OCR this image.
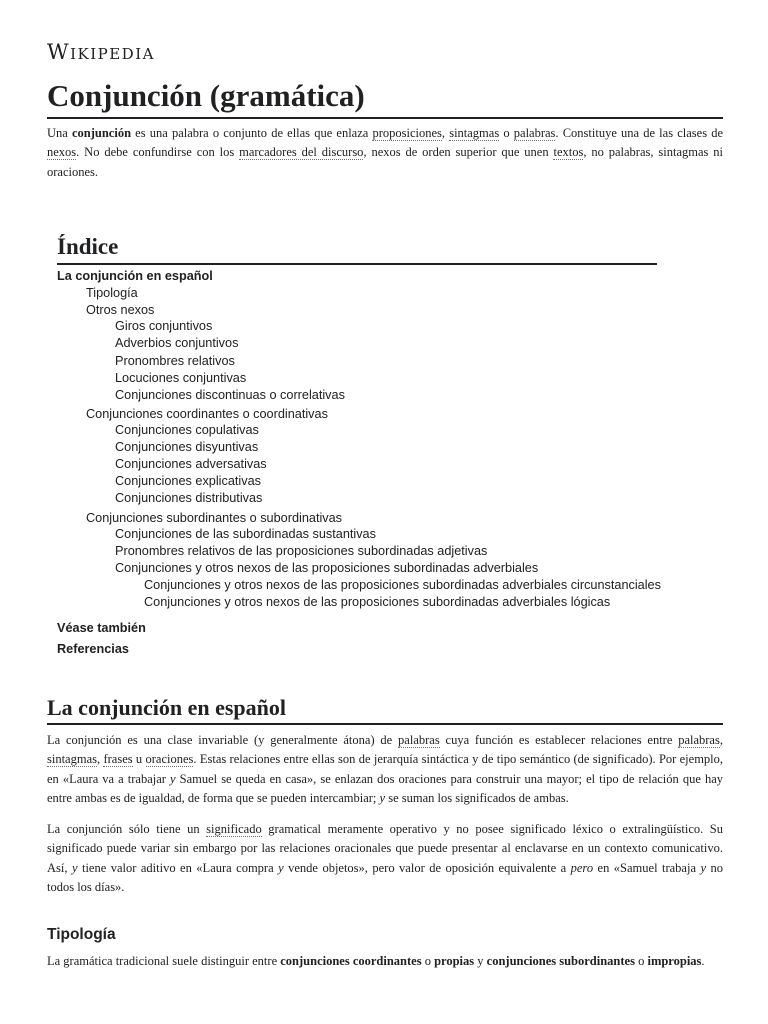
Wikipedia
Conjunción (gramática)

Una conjunción es una palabra o conjunto de ellas que enlaza proposiciones, sintagmas o palabras. Constituye una de las clases de nexos. No debe confundirse con los marcadores del discurso, nexos de orden superior que unen textos, no palabras, sintagmas ni oraciones.

Índice
La conjunción en español
Tipología
Otros nexos
Giros conjuntivos
Adverbios conjuntivos
Pronombres relativos
Locuciones conjuntivas
Conjunciones discontinuas o correlativas
Conjunciones coordinantes o coordinativas
Conjunciones copulativas
Conjunciones disyuntivas
Conjunciones adversativas
Conjunciones explicativas
Conjunciones distributivas
Conjunciones subordinantes o subordinativas
Conjunciones de las subordinadas sustantivas
Pronombres relativos de las proposiciones subordinadas adjetivas
Conjunciones y otros nexos de las proposiciones subordinadas adverbiales
Conjunciones y otros nexos de las proposiciones subordinadas adverbiales circunstanciales
Conjunciones y otros nexos de las proposiciones subordinadas adverbiales lógicas
Véase también
Referencias
La conjunción en español

La conjunción es una clase invariable (y generalmente átona) de palabras cuya función es establecer relaciones entre palabras, sintagmas, frases u oraciones. Estas relaciones entre ellas son de jerarquía sintáctica y de tipo semántico (de significado). Por ejemplo, en «Laura va a trabajar y Samuel se queda en casa», se enlazan dos oraciones para construir una mayor; el tipo de relación que hay entre ambas es de igualdad, de forma que se pueden intercambiar; y se suman los significados de ambas.

La conjunción sólo tiene un significado gramatical meramente operativo y no posee significado léxico o extralingüístico. Su significado puede variar sin embargo por las relaciones oracionales que puede presentar al enclavarse en un contexto comunicativo. Así, y tiene valor aditivo en «Laura compra y vende objetos», pero valor de oposición equivalente a pero en «Samuel trabaja y no todos los días».

Tipología

La gramática tradicional suele distinguir entre conjunciones coordinantes o propias y conjunciones subordinantes o impropias.
